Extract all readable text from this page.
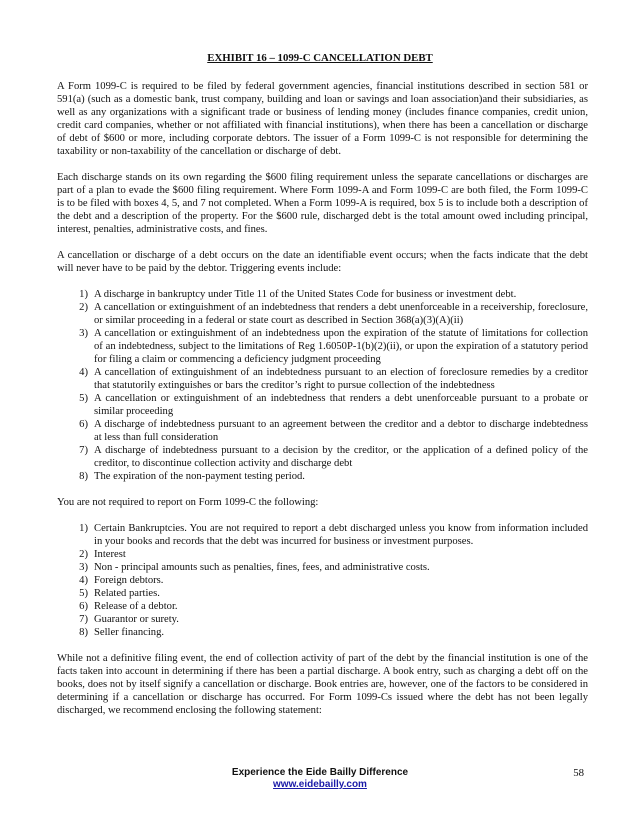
EXHIBIT 16 – 1099-C CANCELLATION DEBT

A Form 1099-C is required to be filed by federal government agencies, financial institutions described in section 581 or 591(a) (such as a domestic bank, trust company, building and loan or savings and loan association)and their subsidiaries, as well as any organizations with a significant trade or business of lending money (includes finance companies, credit union, credit card companies, whether or not affiliated with financial institutions), when there has been a cancellation or discharge of debt of $600 or more, including corporate debtors. The issuer of a Form 1099-C is not responsible for determining the taxability or non-taxability of the cancellation or discharge of debt.

Each discharge stands on its own regarding the $600 filing requirement unless the separate cancellations or discharges are part of a plan to evade the $600 filing requirement. Where Form 1099-A and Form 1099-C are both filed, the Form 1099-C is to be filed with boxes 4, 5, and 7 not completed. When a Form 1099-A is required, box 5 is to include both a description of the debt and a description of the property. For the $600 rule, discharged debt is the total amount owed including principal, interest, penalties, administrative costs, and fines.

A cancellation or discharge of a debt occurs on the date an identifiable event occurs; when the facts indicate that the debt will never have to be paid by the debtor. Triggering events include:

1) A discharge in bankruptcy under Title 11 of the United States Code for business or investment debt.
2) A cancellation or extinguishment of an indebtedness that renders a debt unenforceable in a receivership, foreclosure, or similar proceeding in a federal or state court as described in Section 368(a)(3)(A)(ii)
3) A cancellation or extinguishment of an indebtedness upon the expiration of the statute of limitations for collection of an indebtedness, subject to the limitations of Reg 1.6050P-1(b)(2)(ii), or upon the expiration of a statutory period for filing a claim or commencing a deficiency judgment proceeding
4) A cancellation of extinguishment of an indebtedness pursuant to an election of foreclosure remedies by a creditor that statutorily extinguishes or bars the creditor’s right to pursue collection of the indebtedness
5) A cancellation or extinguishment of an indebtedness that renders a debt unenforceable pursuant to a probate or similar proceeding
6) A discharge of indebtedness pursuant to an agreement between the creditor and a debtor to discharge indebtedness at less than full consideration
7) A discharge of indebtedness pursuant to a decision by the creditor, or the application of a defined policy of the creditor, to discontinue collection activity and discharge debt
8) The expiration of the non-payment testing period.

You are not required to report on Form 1099-C the following:

1) Certain Bankruptcies. You are not required to report a debt discharged unless you know from information included in your books and records that the debt was incurred for business or investment purposes.
2) Interest
3) Non - principal amounts such as penalties, fines, fees, and administrative costs.
4) Foreign debtors.
5) Related parties.
6) Release of a debtor.
7) Guarantor or surety.
8) Seller financing.

While not a definitive filing event, the end of collection activity of part of the debt by the financial institution is one of the facts taken into account in determining if there has been a partial discharge. A book entry, such as charging a debt off on the books, does not by itself signify a cancellation or discharge. Book entries are, however, one of the factors to be considered in determining if a cancellation or discharge has occurred. For Form 1099-Cs issued where the debt has not been legally discharged, we recommend enclosing the following statement:

Experience the Eide Bailly Difference
www.eidebailly.com
58
